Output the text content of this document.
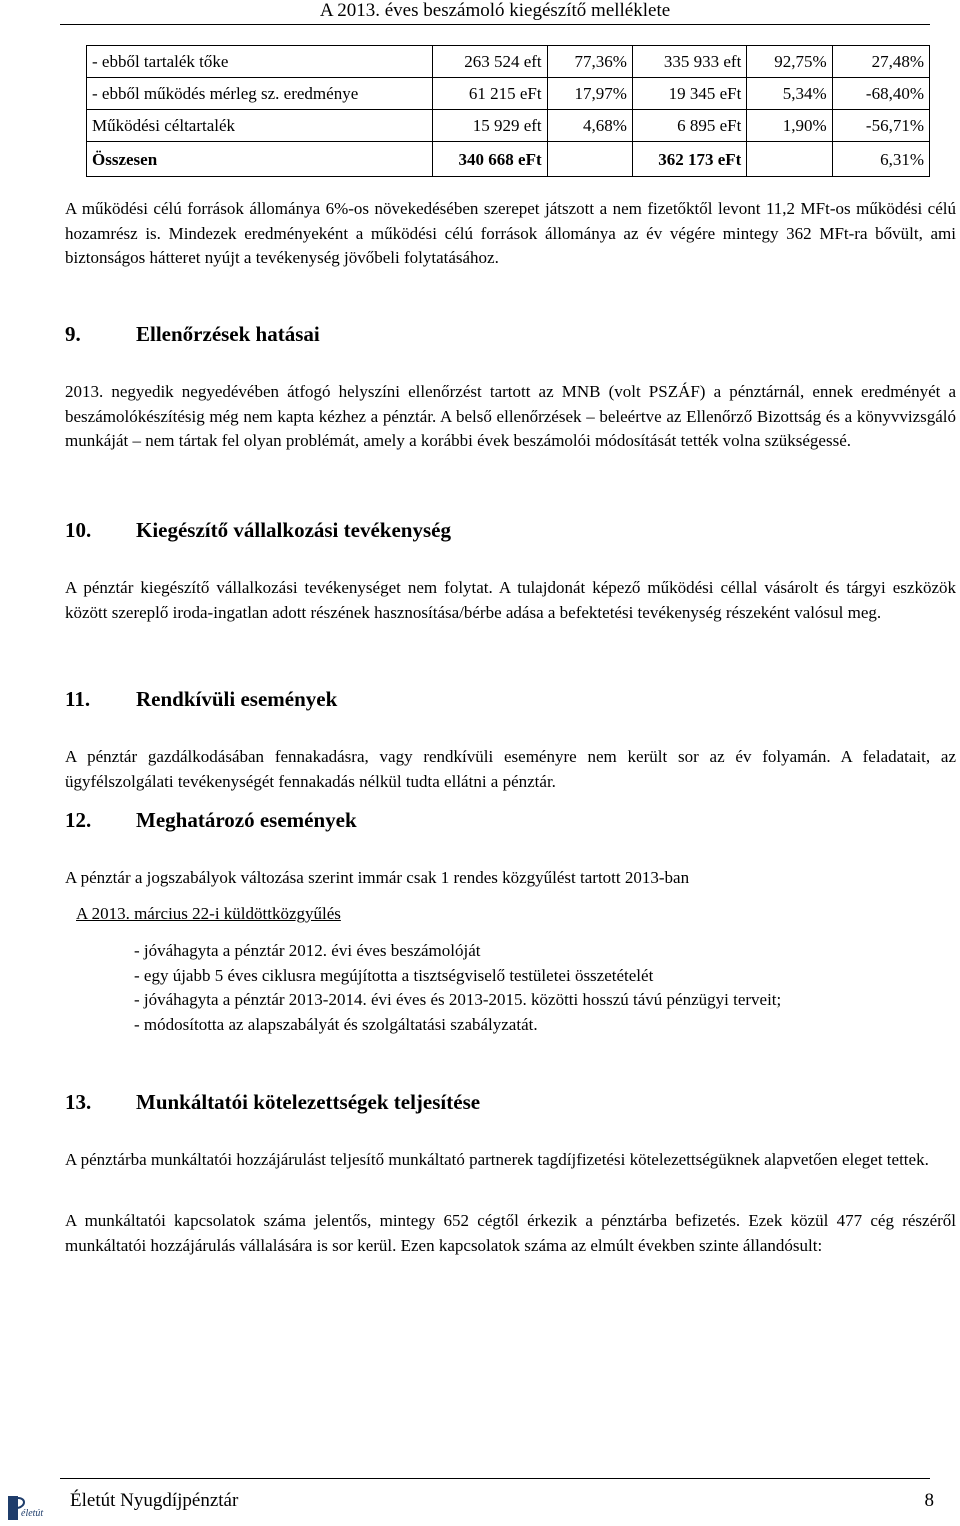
A 2013. éves beszámoló kiegészítő melléklete
- ebből tartalék tőke	263 524 eft	77,36%	335 933 eft	92,75%	27,48%
- ebből működés mérleg sz. eredménye	61 215 eFt	17,97%	19 345 eFt	5,34%	-68,40%
Működési céltartalék	15 929 eft	4,68%	6 895 eFt	1,90%	-56,71%
Összesen	340 668 eFt		362 173 eFt		6,31%

A működési célú források állománya 6%-os növekedésében szerepet játszott a nem fizetőktől levont 11,2 MFt-os működési célú hozamrész is. Mindezek eredményeként a működési célú források állománya az év végére mintegy 362 MFt-ra bővült, ami biztonságos hátteret nyújt a tevékenység jövőbeli folytatásához.

9.	Ellenőrzések hatásai

2013. negyedik negyedévében átfogó helyszíni ellenőrzést tartott az MNB (volt PSZÁF) a pénztárnál, ennek eredményét a beszámolókészítésig még nem kapta kézhez a pénztár. A belső ellenőrzések – beleértve az Ellenőrző Bizottság és a könyvvizsgáló munkáját – nem tártak fel olyan problémát, amely a korábbi évek beszámolói módosítását tették volna szükségessé.

10. Kiegészítő vállalkozási tevékenység

A pénztár kiegészítő vállalkozási tevékenységet nem folytat. A tulajdonát képező működési céllal vásárolt és tárgyi eszközök között szereplő iroda-ingatlan adott részének hasznosítása/bérbe adása a befektetési tevékenység részeként valósul meg.

11. Rendkívüli események

A pénztár gazdálkodásában fennakadásra, vagy rendkívüli eseményre nem került sor az év folyamán. A feladatait, az ügyfélszolgálati tevékenységét fennakadás nélkül tudta ellátni a pénztár.

12. Meghatározó események

A pénztár a jogszabályok változása szerint immár csak 1 rendes közgyűlést tartott 2013-ban

A 2013. március 22-i küldöttközgyűlés
- jóváhagyta a pénztár 2012. évi éves beszámolóját
- egy újabb 5 éves ciklusra megújította a tisztségviselő testületei összetételét
- jóváhagyta a pénztár 2013-2014. évi éves és 2013-2015. közötti hosszú távú pénzügyi terveit;
- módosította az alapszabályát és szolgáltatási szabályzatát.
13. Munkáltatói kötelezettségek teljesítése

A pénztárba munkáltatói hozzájárulást teljesítő munkáltató partnerek tagdíjfizetési kötelezettségüknek alapvetően eleget tettek.

A munkáltatói kapcsolatok száma jelentős, mintegy 652 cégtől érkezik a pénztárba befizetés. Ezek közül 477 cég részéről munkáltatói hozzájárulás vállalására is sor kerül. Ezen kapcsolatok száma az elmúlt években szinte állandósult:

életút
Életút Nyugdíjpénztár	8
